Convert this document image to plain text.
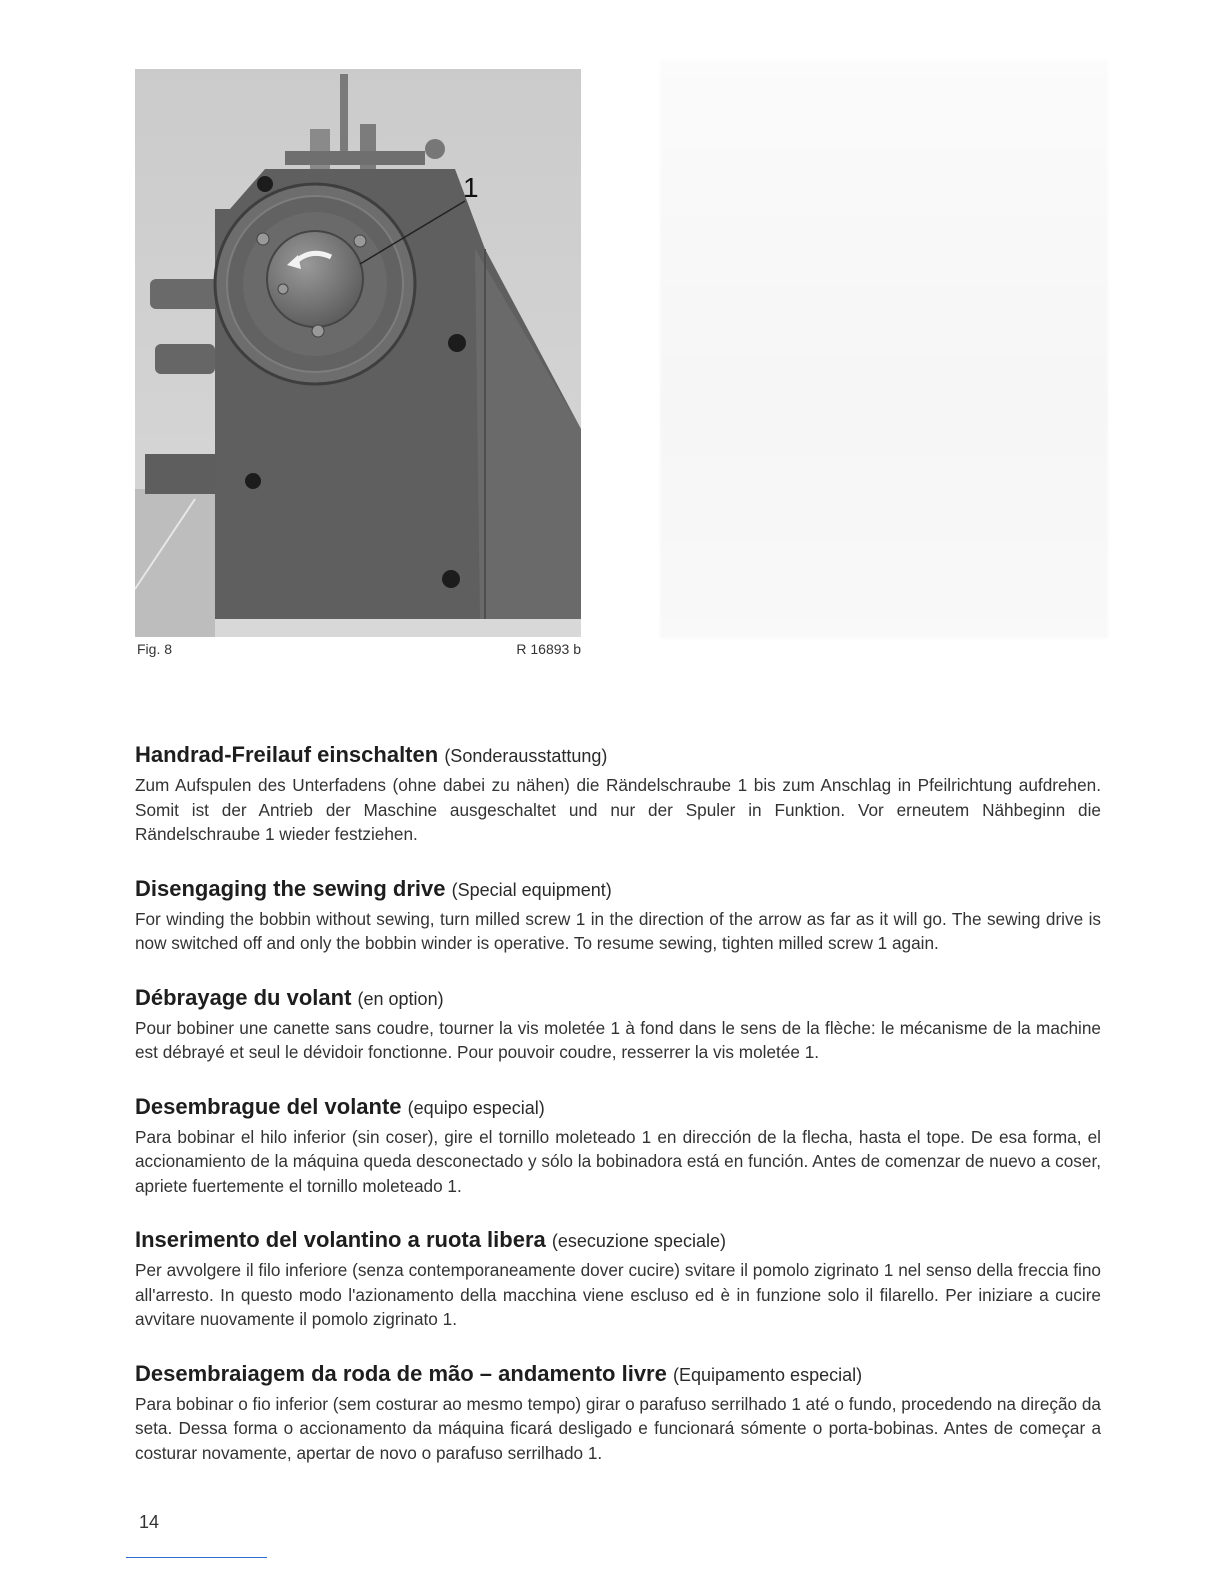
1
Fig. 8	R 16893 b
Handrad-Freilauf einschalten (Sonderausstattung)

Zum Aufspulen des Unterfadens (ohne dabei zu nähen) die Rändelschraube 1 bis zum Anschlag in Pfeilrichtung aufdrehen. Somit ist der Antrieb der Maschine ausgeschaltet und nur der Spuler in Funktion. Vor erneutem Nähbeginn die Rändelschraube 1 wieder festziehen.

Disengaging the sewing drive (Special equipment)

For winding the bobbin without sewing, turn milled screw 1 in the direction of the arrow as far as it will go. The sewing drive is now switched off and only the bobbin winder is operative. To resume sewing, tighten milled screw 1 again.

Débrayage du volant (en option)

Pour bobiner une canette sans coudre, tourner la vis moletée 1 à fond dans le sens de la flèche: le mécanisme de la machine est débrayé et seul le dévidoir fonctionne. Pour pouvoir coudre, resserrer la vis moletée 1.

Desembrague del volante (equipo especial)

Para bobinar el hilo inferior (sin coser), gire el tornillo moleteado 1 en dirección de la flecha, hasta el tope. De esa forma, el accionamiento de la máquina queda desconectado y sólo la bobinadora está en función. Antes de comenzar de nuevo a coser, apriete fuertemente el tornillo moleteado 1.

Inserimento del volantino a ruota libera (esecuzione speciale)

Per avvolgere il filo inferiore (senza contemporaneamente dover cucire) svitare il pomolo zigrinato 1 nel senso della freccia fino all'arresto. In questo modo l'azionamento della macchina viene escluso ed è in funzione solo il filarello. Per iniziare a cucire avvitare nuovamente il pomolo zigrinato 1.

Desembraiagem da roda de mão – andamento livre (Equipamento especial)

Para bobinar o fio inferior (sem costurar ao mesmo tempo) girar o parafuso serrilhado 1 até o fundo, procedendo na direção da seta. Dessa forma o accionamento da máquina ficará desligado e funcionará sómente o porta-bobinas. Antes de começar a costurar novamente, apertar de novo o parafuso serrilhado 1.

14
